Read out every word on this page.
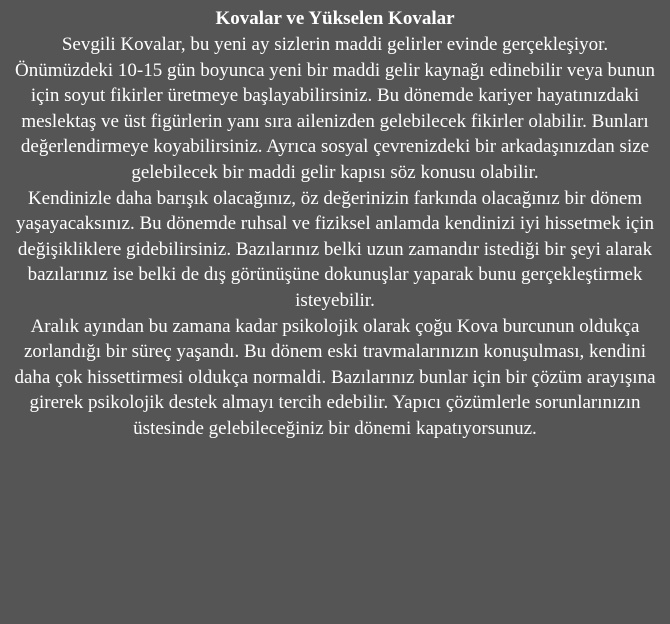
Kovalar ve Yükselen Kovalar

Sevgili Kovalar, bu yeni ay sizlerin maddi gelirler evinde gerçekleşiyor. Önümüzdeki 10-15 gün boyunca yeni bir maddi gelir kaynağı edinebilir veya bunun için soyut fikirler üretmeye başlayabilirsiniz. Bu dönemde kariyer hayatınızdaki meslektaş ve üst figürlerin yanı sıra ailenizden gelebilecek fikirler olabilir. Bunları değerlendirmeye koyabilirsiniz. Ayrıca sosyal çevrenizdeki bir arkadaşınızdan size gelebilecek bir maddi gelir kapısı söz konusu olabilir.

Kendinizle daha barışık olacağınız, öz değerinizin farkında olacağınız bir dönem yaşayacaksınız. Bu dönemde ruhsal ve fiziksel anlamda kendinizi iyi hissetmek için değişikliklere gidebilirsiniz. Bazılarınız belki uzun zamandır istediği bir şeyi alarak bazılarınız ise belki de dış görünüşüne dokunuşlar yaparak bunu gerçekleştirmek isteyebilir.

Aralık ayından bu zamana kadar psikolojik olarak çoğu Kova burcunun oldukça zorlandığı bir süreç yaşandı. Bu dönem eski travmalarınızın konuşulması, kendini daha çok hissettirmesi oldukça normaldi. Bazılarınız bunlar için bir çözüm arayışına girerek psikolojik destek almayı tercih edebilir. Yapıcı çözümlerle sorunlarınızın üstesinde gelebileceğiniz bir dönemi kapatıyorsunuz.
